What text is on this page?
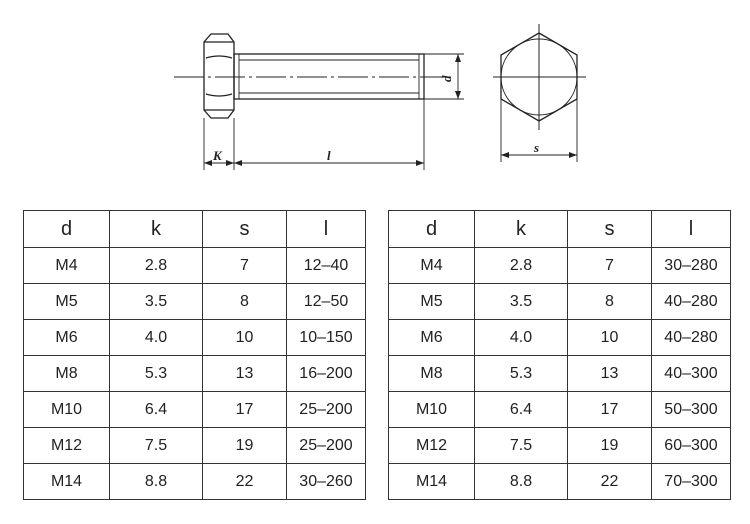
K	l
d
s
d	k	s	l
M4	2.8	7	12–40
M5	3.5	8	12–50
M6	4.0	10	10–150
M8	5.3	13	16–200
M10	6.4	17	25–200
M12	7.5	19	25–200
M14	8.8	22	30–260
d	k	s	l
M4	2.8	7	30–280
M5	3.5	8	40–280
M6	4.0	10	40–280
M8	5.3	13	40–300
M10	6.4	17	50–300
M12	7.5	19	60–300
M14	8.8	22	70–300
